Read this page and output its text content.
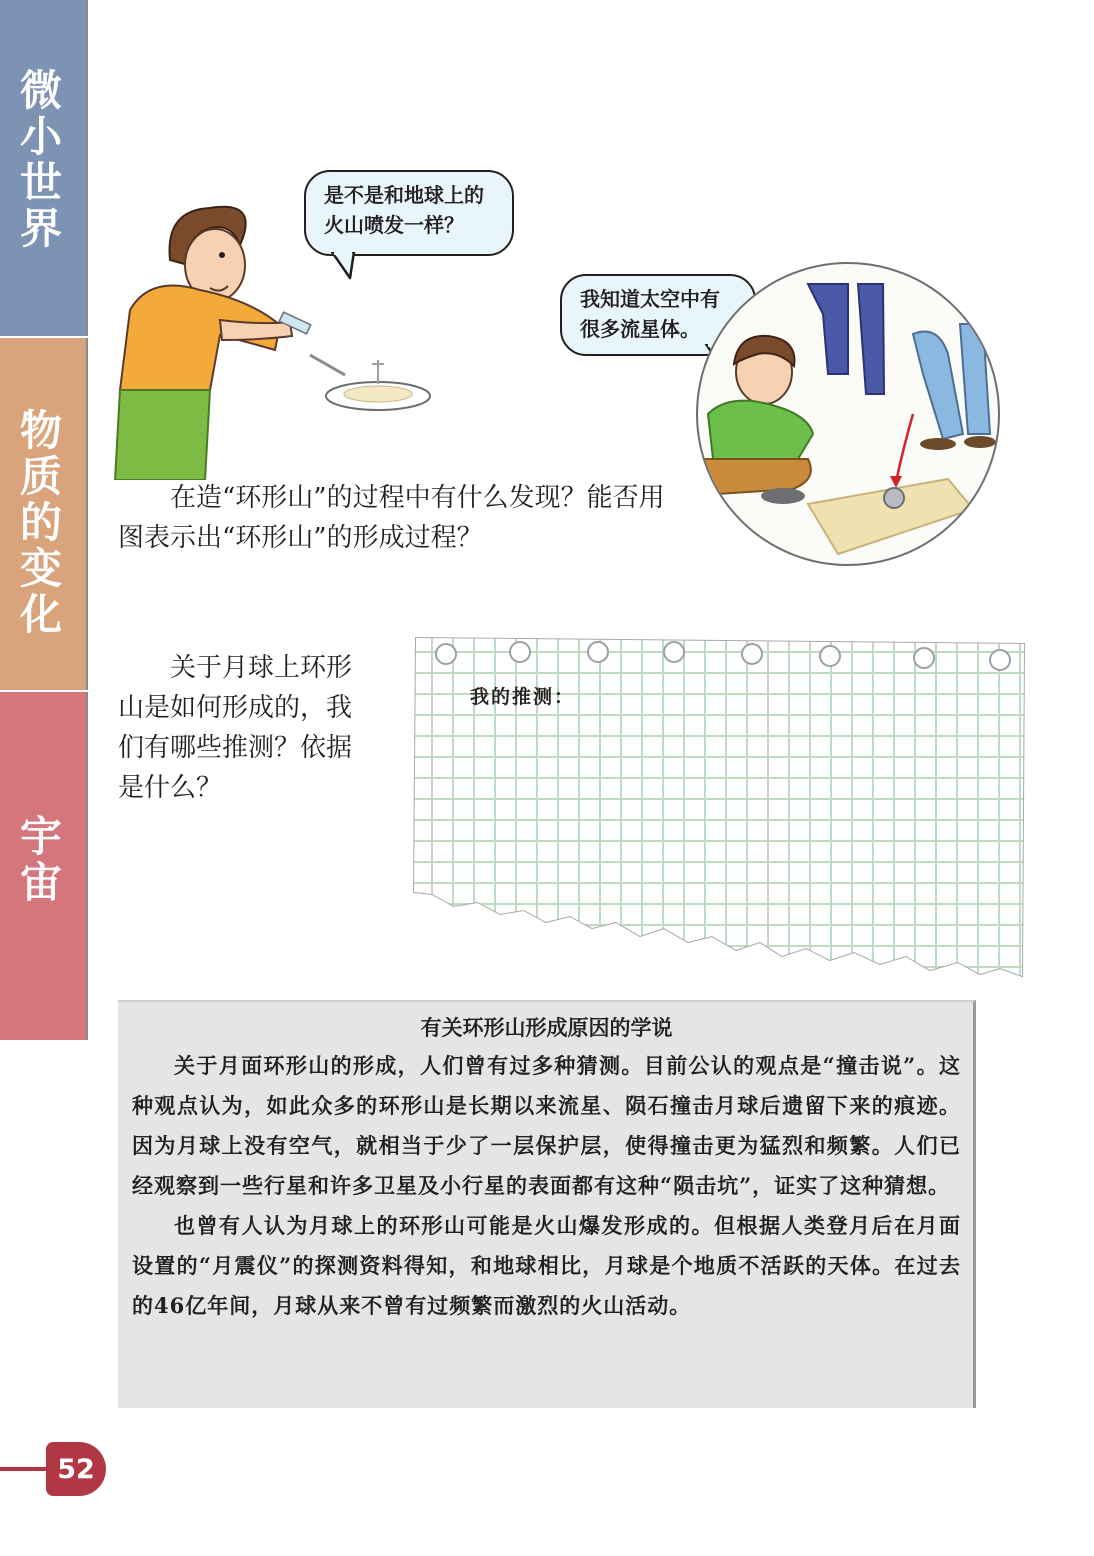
微小世界
物质的变化
宇宙
是不是和地球上的火山喷发一样？
我知道太空中有很多流星体。

在造“环形山”的过程中有什么发现？能否用图表示出“环形山”的形成过程？

关于月球上环形山是如何形成的，我们有哪些推测？依据是什么？

我的推测：
有关环形山形成原因的学说

关于月面环形山的形成，人们曾有过多种猜测。目前公认的观点是“撞击说”。这种观点认为，如此众多的环形山是长期以来流星、陨石撞击月球后遗留下来的痕迹。因为月球上没有空气，就相当于少了一层保护层，使得撞击更为猛烈和频繁。人们已经观察到一些行星和许多卫星及小行星的表面都有这种“陨击坑”，证实了这种猜想。

也曾有人认为月球上的环形山可能是火山爆发形成的。但根据人类登月后在月面设置的“月震仪”的探测资料得知，和地球相比，月球是个地质不活跃的天体。在过去的46亿年间，月球从来不曾有过频繁而激烈的火山活动。

52
